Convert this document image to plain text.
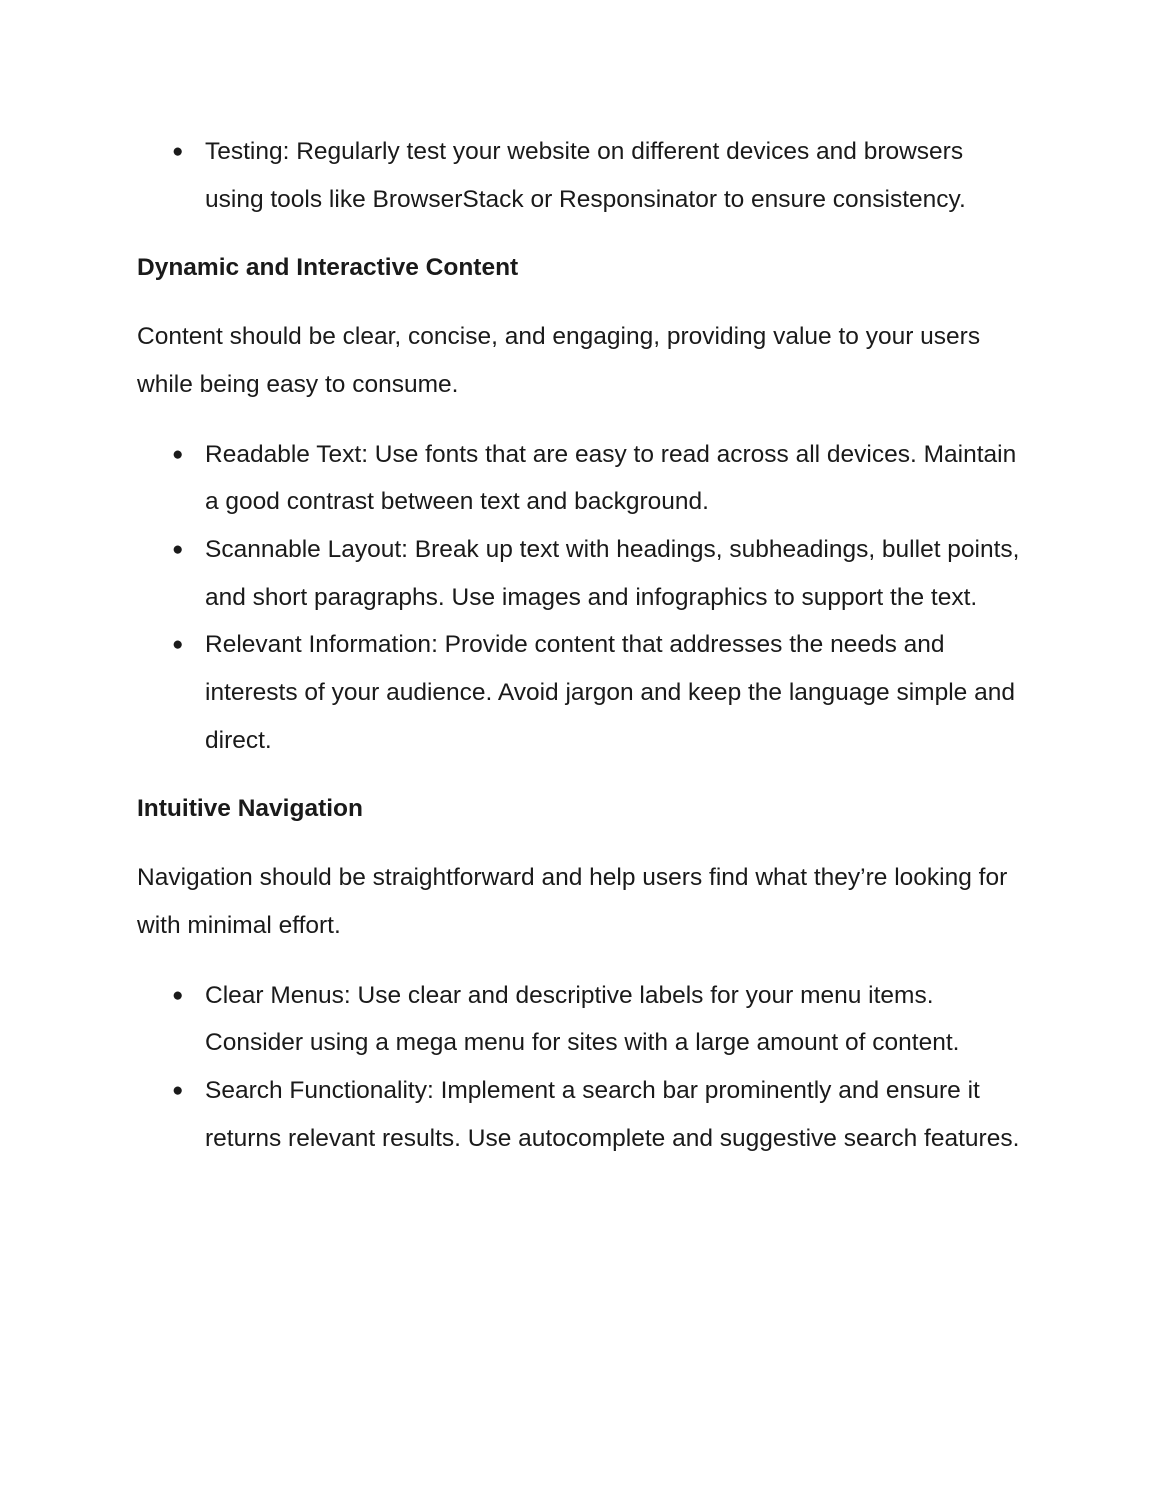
● Testing: Regularly test your website on different devices and browsers using tools like BrowserStack or Responsinator to ensure consistency.
Dynamic and Interactive Content

Content should be clear, concise, and engaging, providing value to your users while being easy to consume.

● Readable Text: Use fonts that are easy to read across all devices. Maintain a good contrast between text and background.
● Scannable Layout: Break up text with headings, subheadings, bullet points, and short paragraphs. Use images and infographics to support the text.
● Relevant Information: Provide content that addresses the needs and interests of your audience. Avoid jargon and keep the language simple and direct.
Intuitive Navigation

Navigation should be straightforward and help users find what they’re looking for with minimal effort.

● Clear Menus: Use clear and descriptive labels for your menu items. Consider using a mega menu for sites with a large amount of content.
● Search Functionality: Implement a search bar prominently and ensure it returns relevant results. Use autocomplete and suggestive search features.
